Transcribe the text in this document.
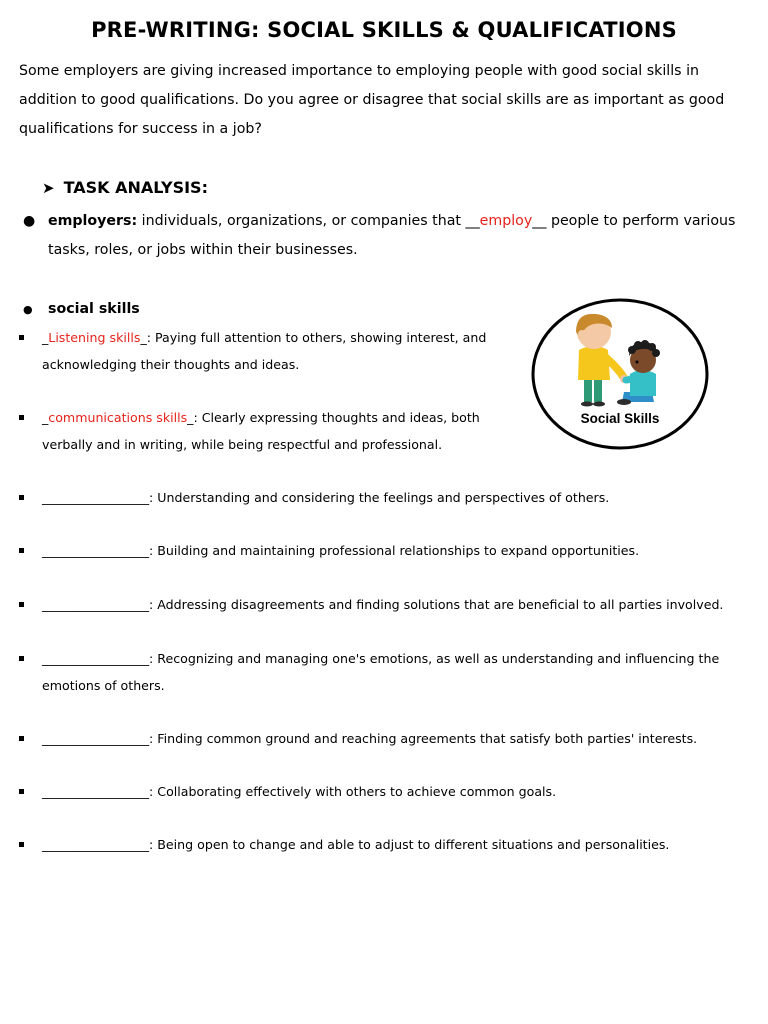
PRE-WRITING: SOCIAL SKILLS & QUALIFICATIONS

Some employers are giving increased importance to employing people with good social skills in addition to good qualifications. Do you agree or disagree that social skills are as important as good qualifications for success in a job?

➤ TASK ANALYSIS:
● employers: individuals, organizations, or companies that __employ__ people to perform various tasks, roles, or jobs within their businesses.

● social skills
_Listening skills_: Paying full attention to others, showing interest, and
acknowledging their thoughts and ideas.
_communications skills_: Clearly expressing thoughts and ideas, both
verbally and in writing, while being respectful and professional.
_________________: Understanding and considering the feelings and perspectives of others.
_________________: Building and maintaining professional relationships to expand opportunities.
_________________: Addressing disagreements and finding solutions that are beneficial to all parties involved.
_________________: Recognizing and managing one's emotions, as well as understanding and influencing the
emotions of others.
_________________: Finding common ground and reaching agreements that satisfy both parties' interests.
_________________: Collaborating effectively with others to achieve common goals.
_________________: Being open to change and able to adjust to different situations and personalities.
Social Skills
